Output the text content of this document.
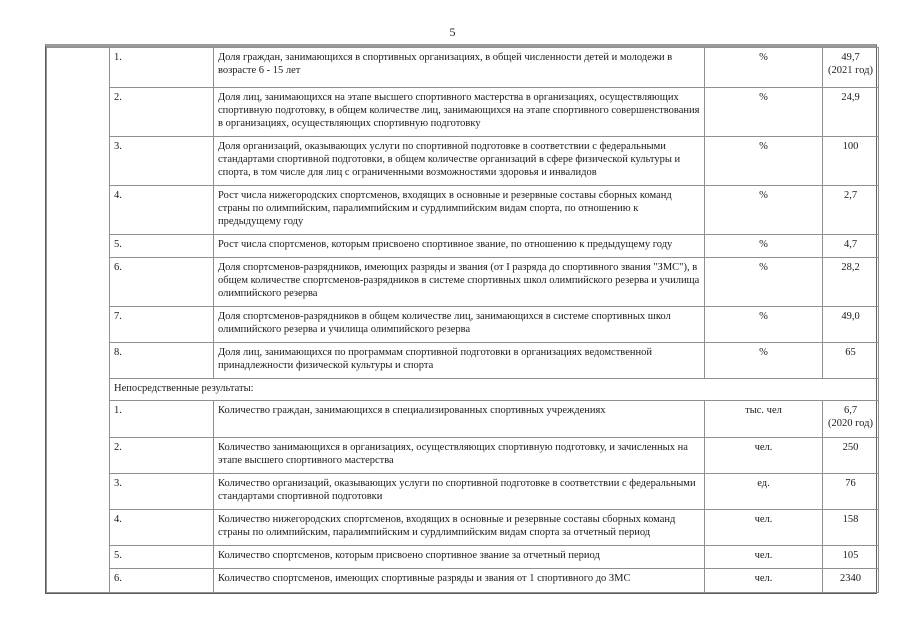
5
	1.	Доля граждан, занимающихся в спортивных организациях, в общей численности детей и молодежи в возрасте 6 - 15 лет	%	49,7
(2021 год)

	2.	Доля лиц, занимающихся на этапе высшего спортивного мастерства в организациях, осуществляющих спортивную подготовку, в общем количестве лиц, занимающихся на этапе спортивного совершенствования в организациях, осуществляющих спортивную подготовку	%	24,9
	3.	Доля организаций, оказывающих услуги по спортивной подготовке в соответствии с федеральными стандартами спортивной подготовки, в общем количестве организаций в сфере физической культуры и спорта, в том числе для лиц с ограниченными возможностями здоровья и инвалидов	%	100
	4.	Рост числа нижегородских спортсменов, входящих в основные и резервные составы сборных команд страны по олимпийским, паралимпийским и сурдлимпийским видам спорта, по отношению к предыдущему году	%	2,7
	5.	Рост числа спортсменов, которым присвоено спортивное звание, по отношению к предыдущему году	%	4,7
	6.	Доля спортсменов-разрядников, имеющих разряды и звания (от I разряда до спортивного звания "ЗМС"), в общем количестве спортсменов-разрядников в системе спортивных школ олимпийского резерва и училища олимпийского резерва	%	28,2
	7.	Доля спортсменов-разрядников в общем количестве лиц, занимающихся в системе спортивных школ олимпийского резерва и училища олимпийского резерва	%	49,0
	8.	Доля лиц, занимающихся по программам спортивной подготовки в организациях ведомственной принадлежности физической культуры и спорта	%	65
	Непосредственные результаты:			
	1.	Количество граждан, занимающихся в специализированных спортивных учреждениях	тыс. чел	6,7
(2020 год)

	2.	Количество занимающихся в организациях, осуществляющих спортивную подготовку, и зачисленных на этапе высшего спортивного мастерства	чел.	250
	3.	Количество организаций, оказывающих услуги по спортивной подготовке в соответствии с федеральными стандартами спортивной подготовки	ед.	76
	4.	Количество нижегородских спортсменов, входящих в основные и резервные составы сборных команд страны по олимпийским, паралимпийским и сурдлимпийским видам спорта за отчетный период	чел.	158
	5.	Количество спортсменов, которым присвоено спортивное звание за отчетный период	чел.	105
	6.	Количество спортсменов, имеющих спортивные разряды и звания от 1 спортивного до ЗМС	чел.	2340
